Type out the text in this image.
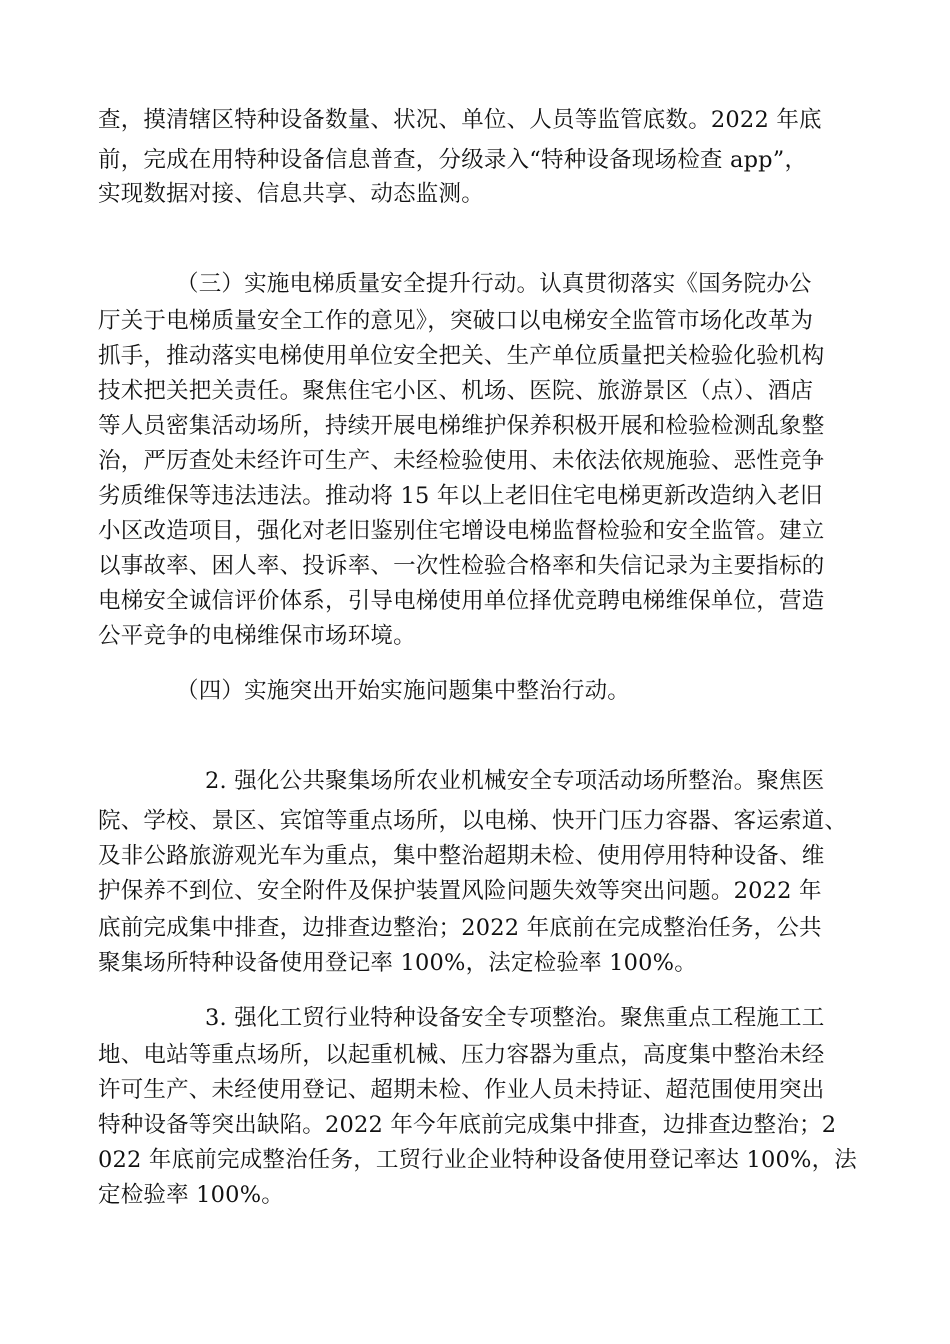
查，摸清辖区特种设备数量、状况、单位、人员等监管底数。2022 年底
前，完成在用特种设备信息普查，分级录入“特种设备现场检查 app”，
实现数据对接、信息共享、动态监测。
（三）实施电梯质量安全提升行动。认真贯彻落实《国务院办公
厅关于电梯质量安全工作的意见》，突破口以电梯安全监管市场化改革为
抓手，推动落实电梯使用单位安全把关、生产单位质量把关检验化验机构
技术把关把关责任。聚焦住宅小区、机场、医院、旅游景区（点）、酒店
等人员密集活动场所，持续开展电梯维护保养积极开展和检验检测乱象整
治，严厉查处未经许可生产、未经检验使用、未依法依规施验、恶性竞争
劣质维保等违法违法。推动将 15 年以上老旧住宅电梯更新改造纳入老旧
小区改造项目，强化对老旧鉴别住宅增设电梯监督检验和安全监管。建立
以事故率、困人率、投诉率、一次性检验合格率和失信记录为主要指标的
电梯安全诚信评价体系，引导电梯使用单位择优竞聘电梯维保单位，营造
公平竞争的电梯维保市场环境。
（四）实施突出开始实施问题集中整治行动。
2. 强化公共聚集场所农业机械安全专项活动场所整治。聚焦医
院、学校、景区、宾馆等重点场所，以电梯、快开门压力容器、客运索道、
及非公路旅游观光车为重点，集中整治超期未检、使用停用特种设备、维
护保养不到位、安全附件及保护装置风险问题失效等突出问题。2022 年
底前完成集中排查，边排查边整治；2022 年底前在完成整治任务，公共
聚集场所特种设备使用登记率 100%，法定检验率 100%。
3. 强化工贸行业特种设备安全专项整治。聚焦重点工程施工工
地、电站等重点场所，以起重机械、压力容器为重点，高度集中整治未经
许可生产、未经使用登记、超期未检、作业人员未持证、超范围使用突出
特种设备等突出缺陷。2022 年今年底前完成集中排查，边排查边整治；2
022 年底前完成整治任务，工贸行业企业特种设备使用登记率达 100%，法
定检验率 100%。
